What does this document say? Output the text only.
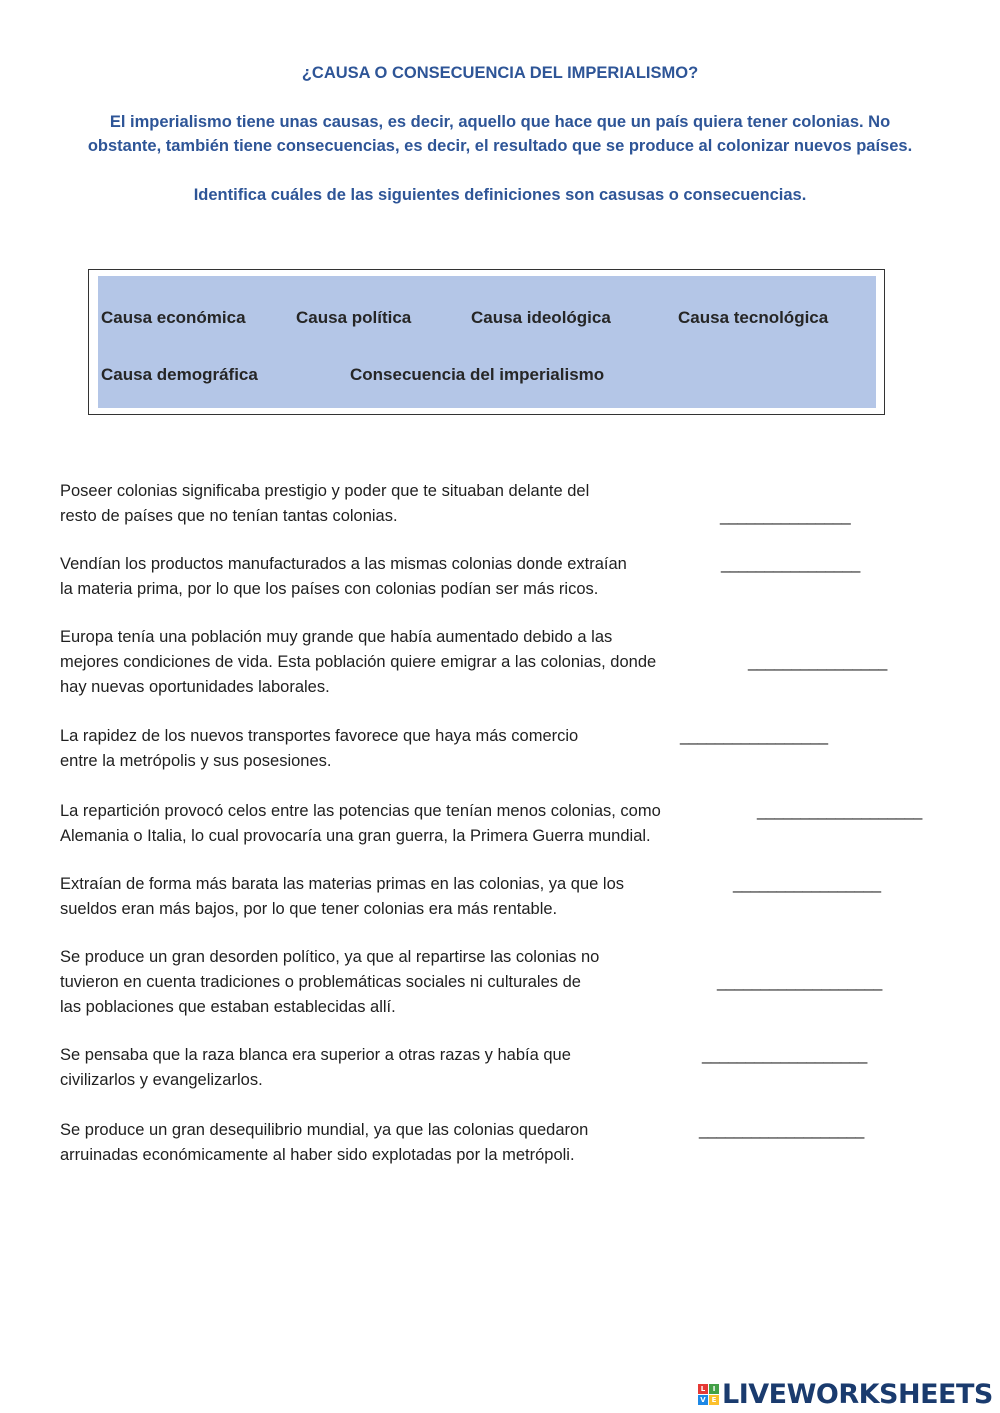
¿CAUSA O CONSECUENCIA DEL IMPERIALISMO?
El imperialismo tiene unas causas, es decir, aquello que hace que un país quiera tener colonias. No
obstante, también tiene consecuencias, es decir, el resultado que se produce al colonizar nuevos países.
Identifica cuáles de las siguientes definiciones son casusas o consecuencias.
Causa económica	Causa política	Causa ideológica	Causa tecnológica
Causa demográfica	Consecuencia del imperialismo
Poseer colonias significaba prestigio y poder que te situaban delante del
resto de países que no tenían tantas colonias.	_______________
Vendían los productos manufacturados a las mismas colonias donde extraían
la materia prima, por lo que los países con colonias podían ser más ricos.
________________
Europa tenía una población muy grande que había aumentado debido a las
mejores condiciones de vida. Esta población quiere emigrar a las colonias, donde
hay nuevas oportunidades laborales.
________________
La rapidez de los nuevos transportes favorece que haya más comercio
entre la metrópolis y sus posesiones.
_________________
La repartición provocó celos entre las potencias que tenían menos colonias, como
Alemania o Italia, lo cual provocaría una gran guerra, la Primera Guerra mundial.
___________________
Extraían de forma más barata las materias primas en las colonias, ya que los
sueldos eran más bajos, por lo que tener colonias era más rentable.
_________________
Se produce un gran desorden político, ya que al repartirse las colonias no
tuvieron en cuenta tradiciones o problemáticas sociales ni culturales de
las poblaciones que estaban establecidas allí.
___________________
Se pensaba que la raza blanca era superior a otras razas y había que
civilizarlos y evangelizarlos.
___________________
Se produce un gran desequilibrio mundial, ya que las colonias quedaron
arruinadas económicamente al haber sido explotadas por la metrópoli.
___________________
L	I
V E LIVEWORKSHEETS
